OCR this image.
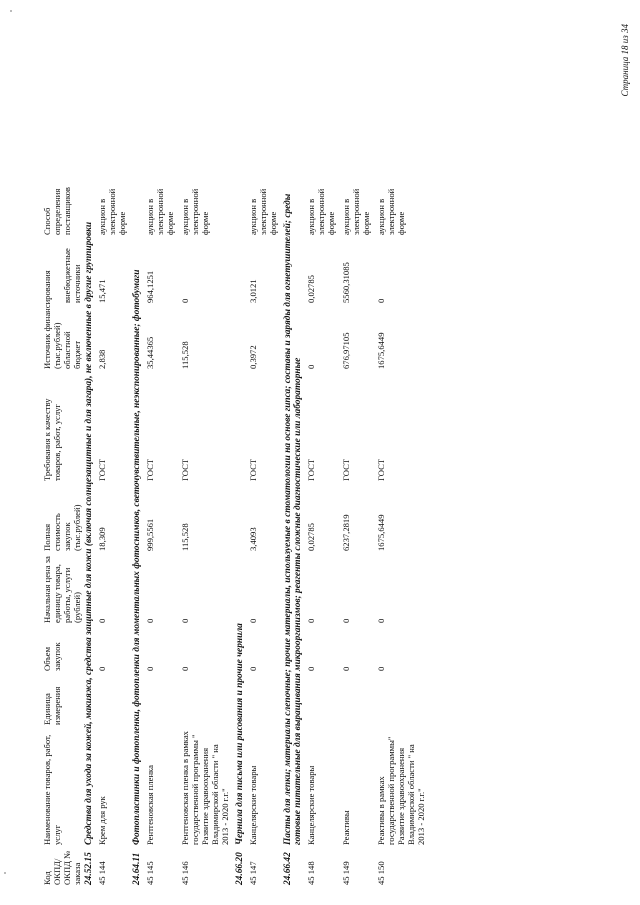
Код ОКПД/ ОКПД № заказа	Наименование товаров, работ, услуг	Единица измерения	Объем закупок	Начальная цена за единицу товара, работы, услуги (рублей)	Полная стоимость закупок (тыс.рублей)	Требования к качеству товаров, работ, услуг	Источник финансирования (тыс.рублей)		Способ определения поставщиков
							областной бюджет	внебюджетные источники	
24.52.15	Средства для ухода за кожей, макияжа, средства защитные для кожи (включая солнцезащитные и для загара), не включенные в другие группировки								
45 144	Крем для рук		0	0	18,309	ГОСТ	2,838	15,471	аукцион в электронной форме
24.64.11	Фотопластинки и фотопленки, фотопленки для моментальных фотоснимков, светочувствительные, неэкспонированные; фотобумаги								
45 145	Рентгеновская пленка		0	0	999,5561	ГОСТ	35,44365	964,1251	аукцион в электронной форме
45 146	Рентгеновская пленка в рамках государственной программы " Развитие здравоохранения Владимирской области " на 2013 - 2020 г.г."		0	0	115,528	ГОСТ	115,528	0	аукцион в электронной форме
24.66.20	Чернила для письма или рисования и прочие чернила								
45 147	Канцелярские товары		0	0	3,4093	ГОСТ	0,3972	3,0121	аукцион в электронной форме
24.66.42	Пасты для лепки; материалы слепочные; прочие материалы, используемые в стоматологии на основе гипса; составы и заряды для огнетушителей; среды готовые питательные для выращивания микроорганизмов; реагенты сложные диагностические или лабораторные								
45 148	Канцелярские товары		0	0	0,02785	ГОСТ	0	0,02785	аукцион в электронной форме
45 149	Реактивы		0	0	6237,2819	ГОСТ	676,97105	5560,31085	аукцион в электронной форме
45 150	Реактивы в рамках государственной программы" Развитие здравоохранения Владимирской области " на 2013 - 2020 г.г."		0	0	1675,6449	ГОСТ	1675,6449	0	аукцион в электронной форме
Страница 18 из 34
